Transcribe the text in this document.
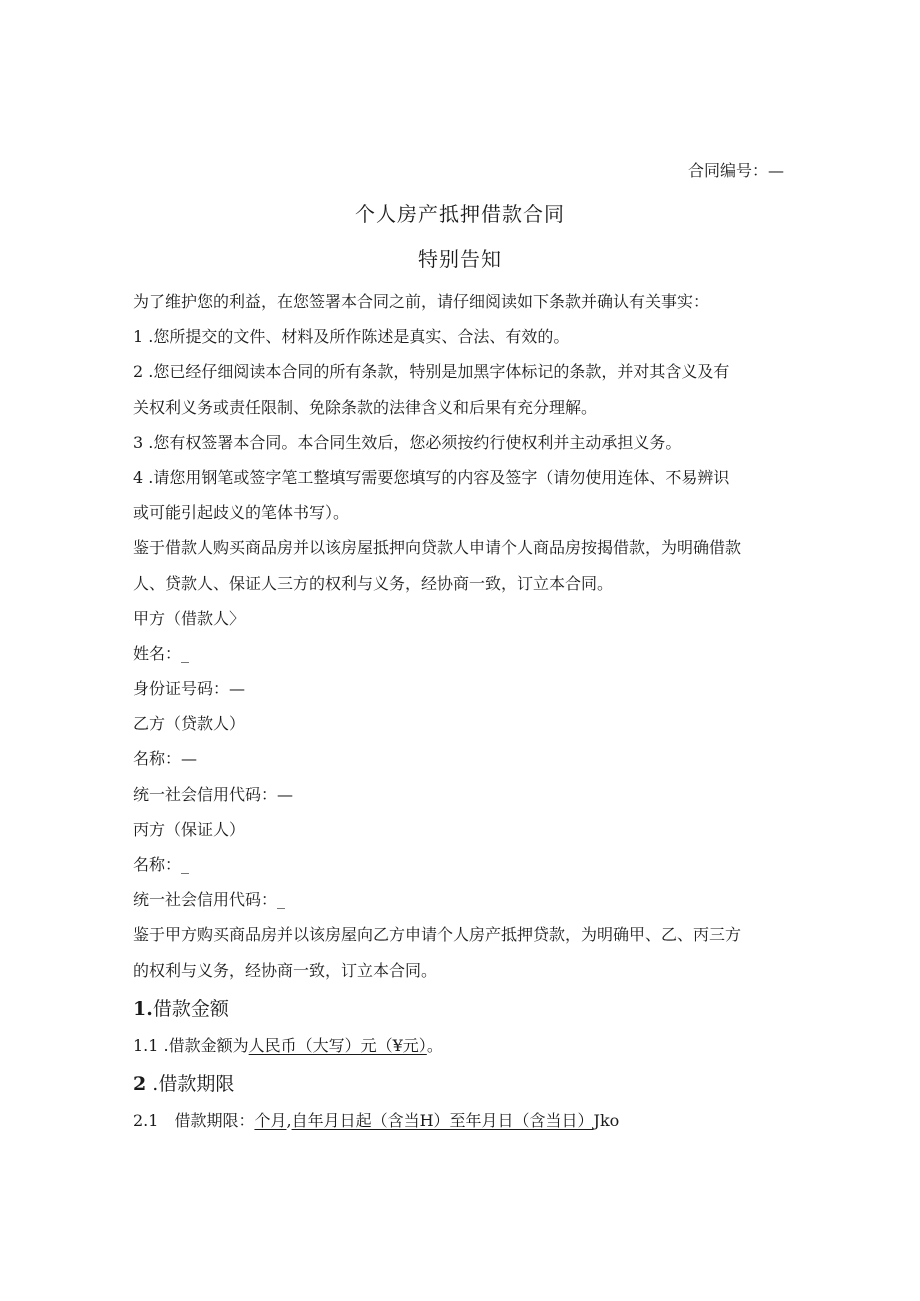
合同编号：—
个人房产抵押借款合同
特别告知
为了维护您的利益，在您签署本合同之前，请仔细阅读如下条款并确认有关事实：
1 .您所提交的文件、材料及所作陈述是真实、合法、有效的。
2 .您已经仔细阅读本合同的所有条款，特别是加黑字体标记的条款，并对其含义及有
关权利义务或责任限制、免除条款的法律含义和后果有充分理解。
3 .您有权签署本合同。本合同生效后，您必须按约行使权利并主动承担义务。
4 .请您用钢笔或签字笔工整填写需要您填写的内容及签字（请勿使用连体、不易辨识
或可能引起歧义的笔体书写）。
鉴于借款人购买商品房并以该房屋抵押向贷款人申请个人商品房按揭借款，为明确借款
人、贷款人、保证人三方的权利与义务，经协商一致，订立本合同。
甲方（借款人〉
姓名：_
身份证号码：—
乙方（贷款人）
名称：—
统一社会信用代码：—
丙方（保证人）
名称：_
统一社会信用代码：_
鉴于甲方购买商品房并以该房屋向乙方申请个人房产抵押贷款，为明确甲、乙、丙三方
的权利与义务，经协商一致，订立本合同。
1.借款金额
1.1 .借款金额为人民币（大写）元（¥元）。
2 .借款期限
2.1　借款期限：个月,自年月日起（含当H）至年月日（含当日）Jko
